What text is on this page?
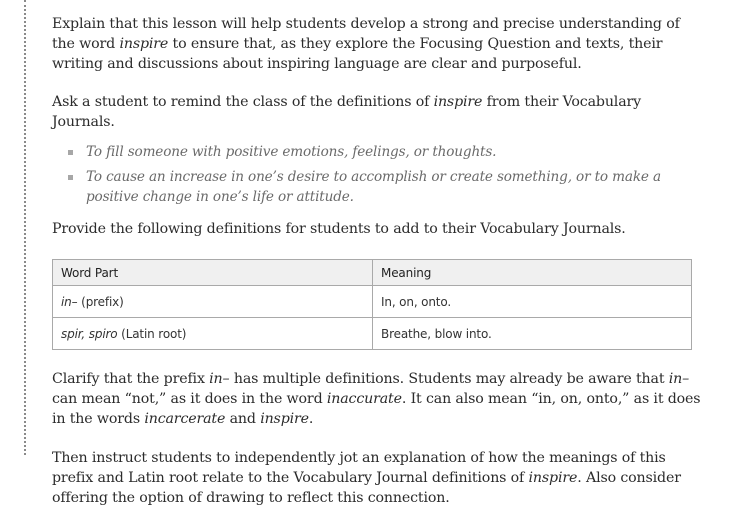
Explain that this lesson will help students develop a strong and precise understanding of the word inspire to ensure that, as they explore the Focusing Question and texts, their writing and discussions about inspiring language are clear and purposeful.

Ask a student to remind the class of the definitions of inspire from their Vocabulary Journals.

To fill someone with positive emotions, feelings, or thoughts.
To cause an increase in one’s desire to accomplish or create something, or to make a positive change in one’s life or attitude.

Provide the following definitions for students to add to their Vocabulary Journals.

Word Part	Meaning
in– (prefix)	In, on, onto.
spir, spiro (Latin root)	Breathe, blow into.

Clarify that the prefix in– has multiple definitions. Students may already be aware that in– can mean “not,” as it does in the word inaccurate. It can also mean “in, on, onto,” as it does in the words incarcerate and inspire.

Then instruct students to independently jot an explanation of how the meanings of this prefix and Latin root relate to the Vocabulary Journal definitions of inspire. Also consider offering the option of drawing to reflect this connection.
